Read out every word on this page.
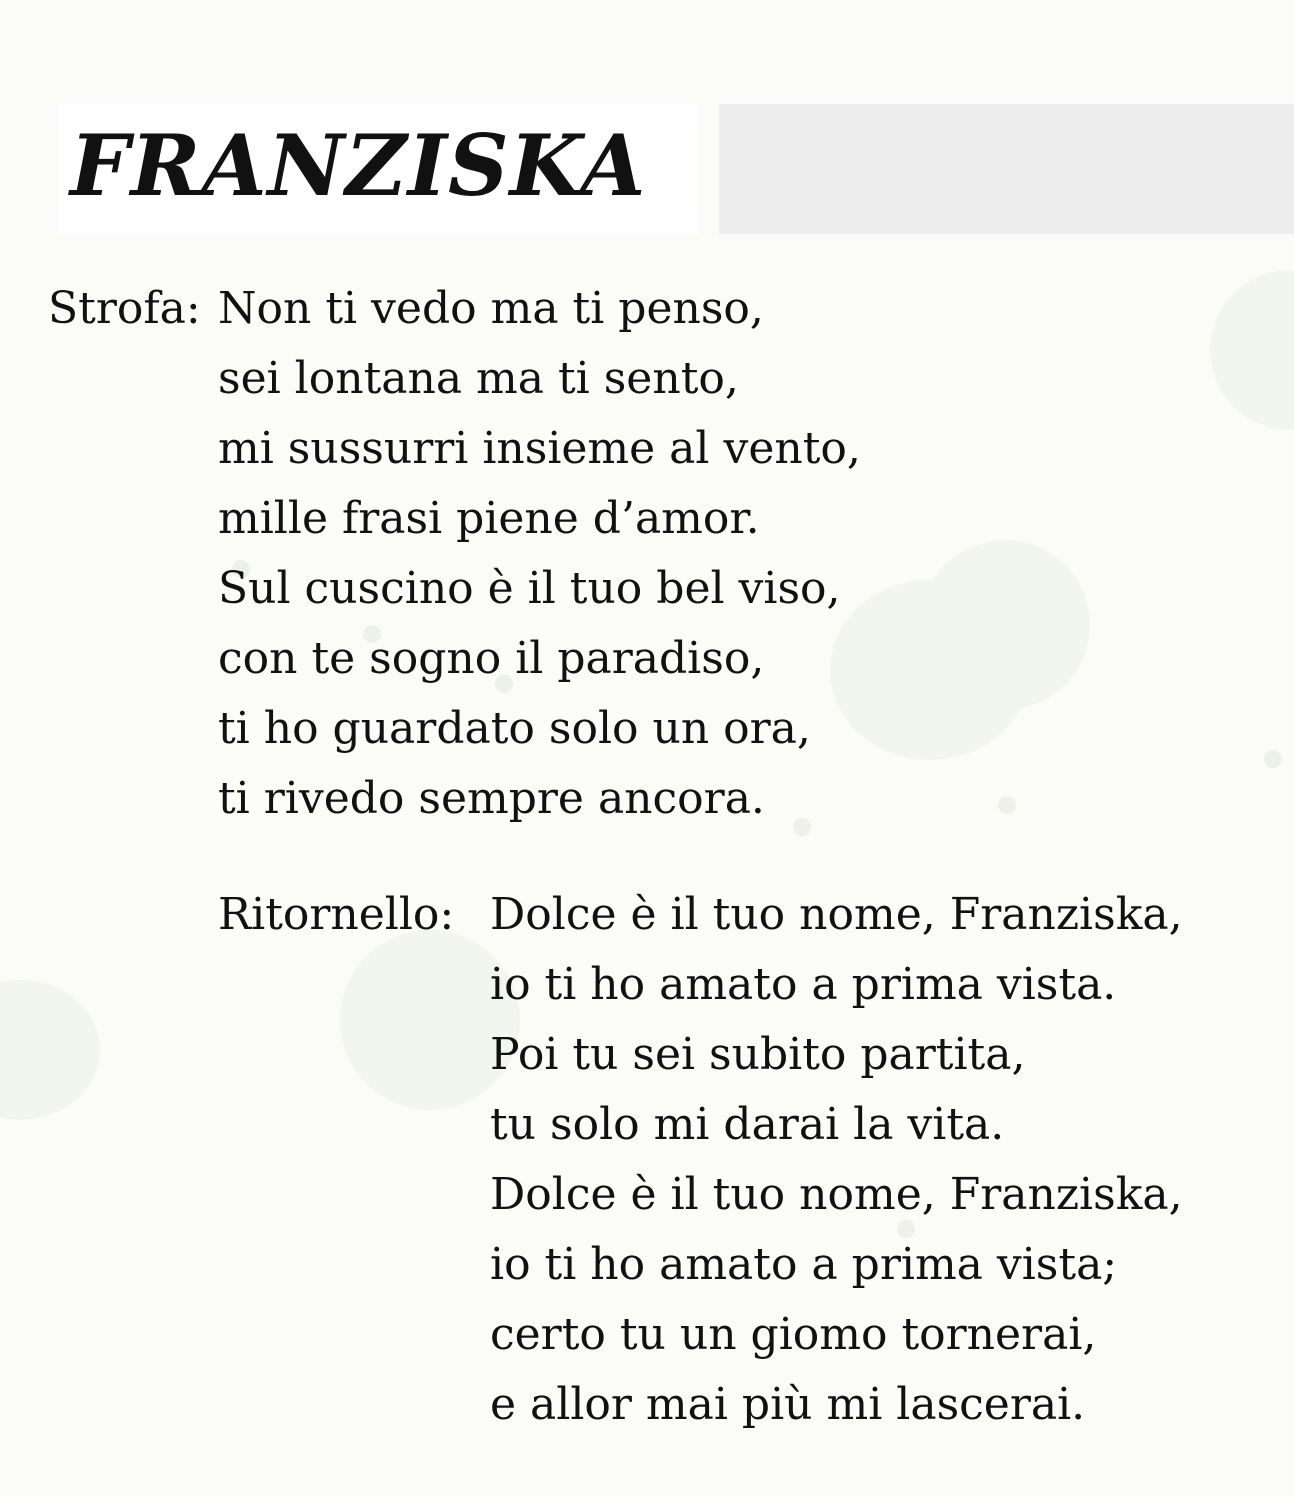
FRANZISKA
Strofa: Non ti vedo ma ti penso,
sei lontana ma ti sento,
mi sussurri insieme al vento,
mille frasi piene d’amor.
Sul cuscino è il tuo bel viso,
con te sogno il paradiso,
ti ho guardato solo un ora,
ti rivedo sempre ancora.
Ritornello: Dolce è il tuo nome, Franziska,
io ti ho amato a prima vista.
Poi tu sei subito partita,
tu solo mi darai la vita.
Dolce è il tuo nome, Franziska,
io ti ho amato a prima vista;
certo tu un giomo tornerai,
e allor mai più mi lascerai.
